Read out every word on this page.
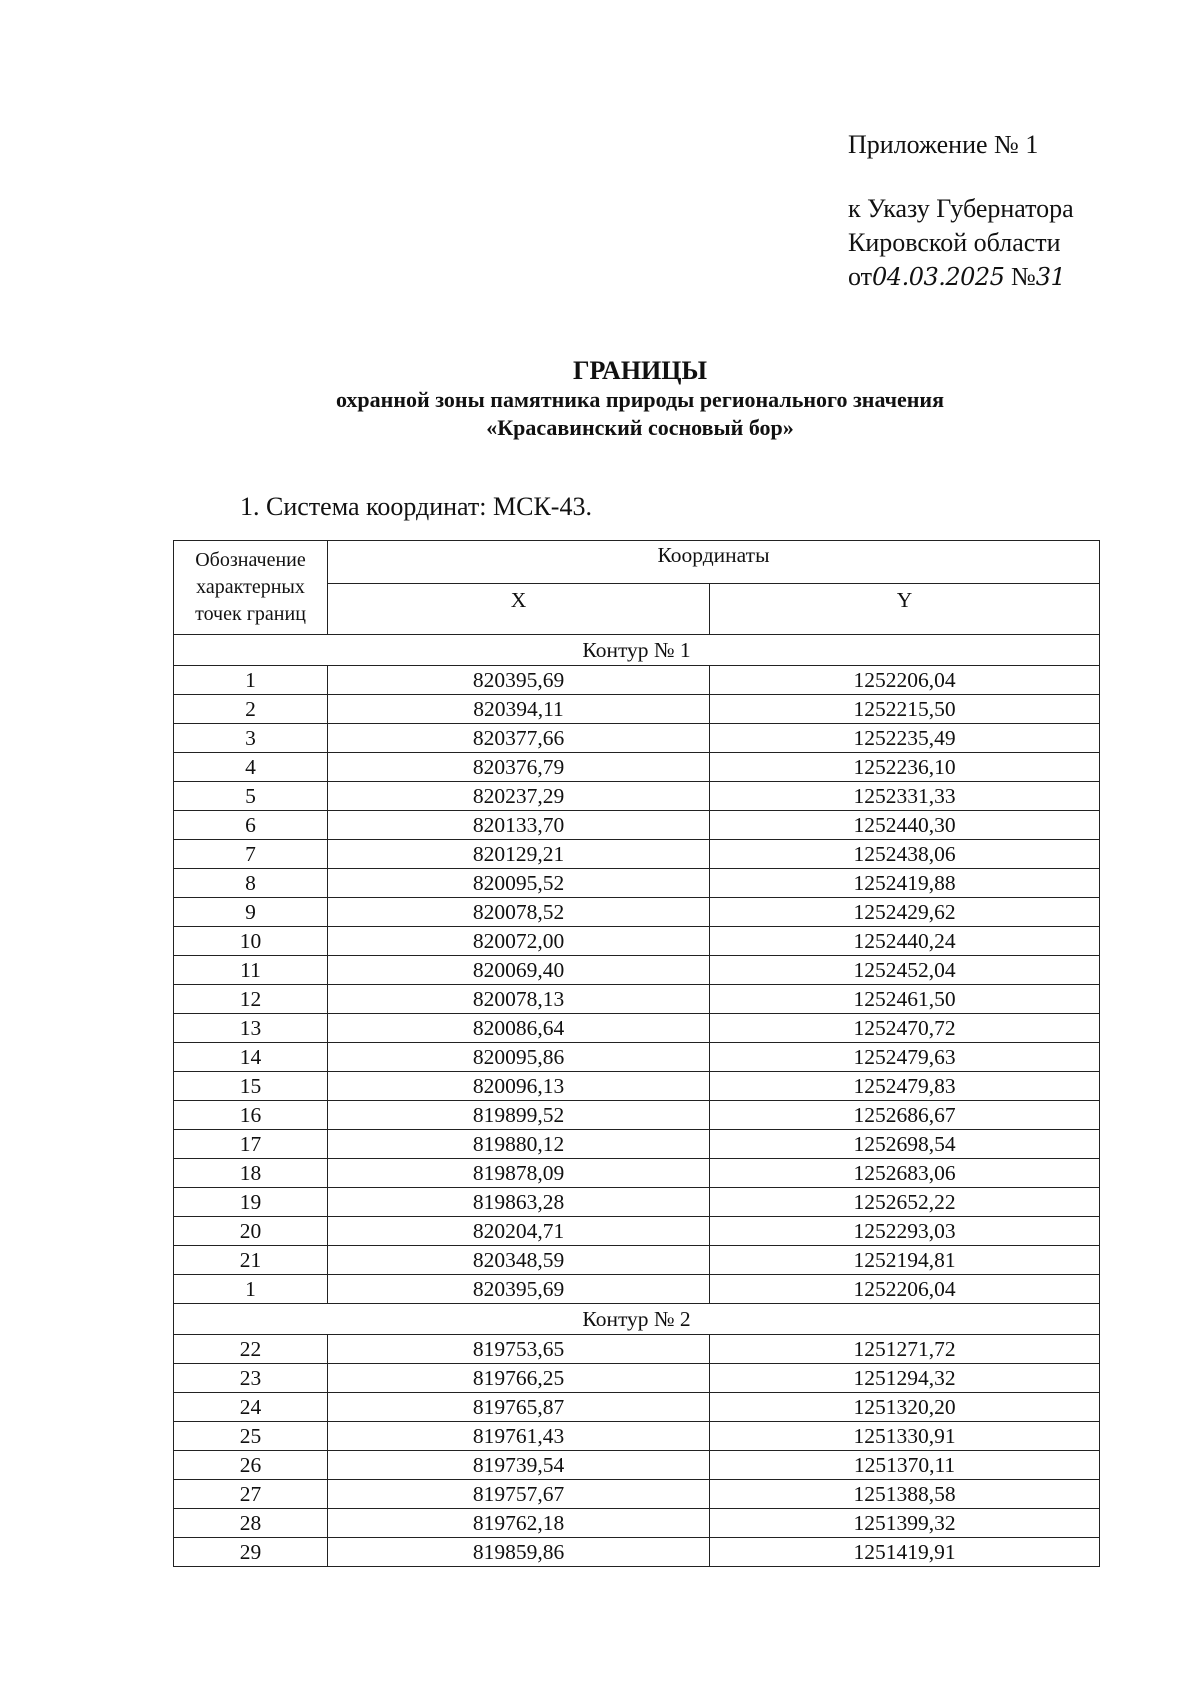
Приложение № 1
к Указу Губернатора
Кировской области
от04.03.2025 №31
ГРАНИЦЫ
охранной зоны памятника природы регионального значения
«Красавинский сосновый бор»
1. Система координат: МСК-43.
Обозначение характерных точек границ	Координаты	
	X	Y
Контур № 1		
1	820395,69	1252206,04
2	820394,11	1252215,50
3	820377,66	1252235,49
4	820376,79	1252236,10
5	820237,29	1252331,33
6	820133,70	1252440,30
7	820129,21	1252438,06
8	820095,52	1252419,88
9	820078,52	1252429,62
10	820072,00	1252440,24
11	820069,40	1252452,04
12	820078,13	1252461,50
13	820086,64	1252470,72
14	820095,86	1252479,63
15	820096,13	1252479,83
16	819899,52	1252686,67
17	819880,12	1252698,54
18	819878,09	1252683,06
19	819863,28	1252652,22
20	820204,71	1252293,03
21	820348,59	1252194,81
1	820395,69	1252206,04
Контур № 2		
22	819753,65	1251271,72
23	819766,25	1251294,32
24	819765,87	1251320,20
25	819761,43	1251330,91
26	819739,54	1251370,11
27	819757,67	1251388,58
28	819762,18	1251399,32
29	819859,86	1251419,91
